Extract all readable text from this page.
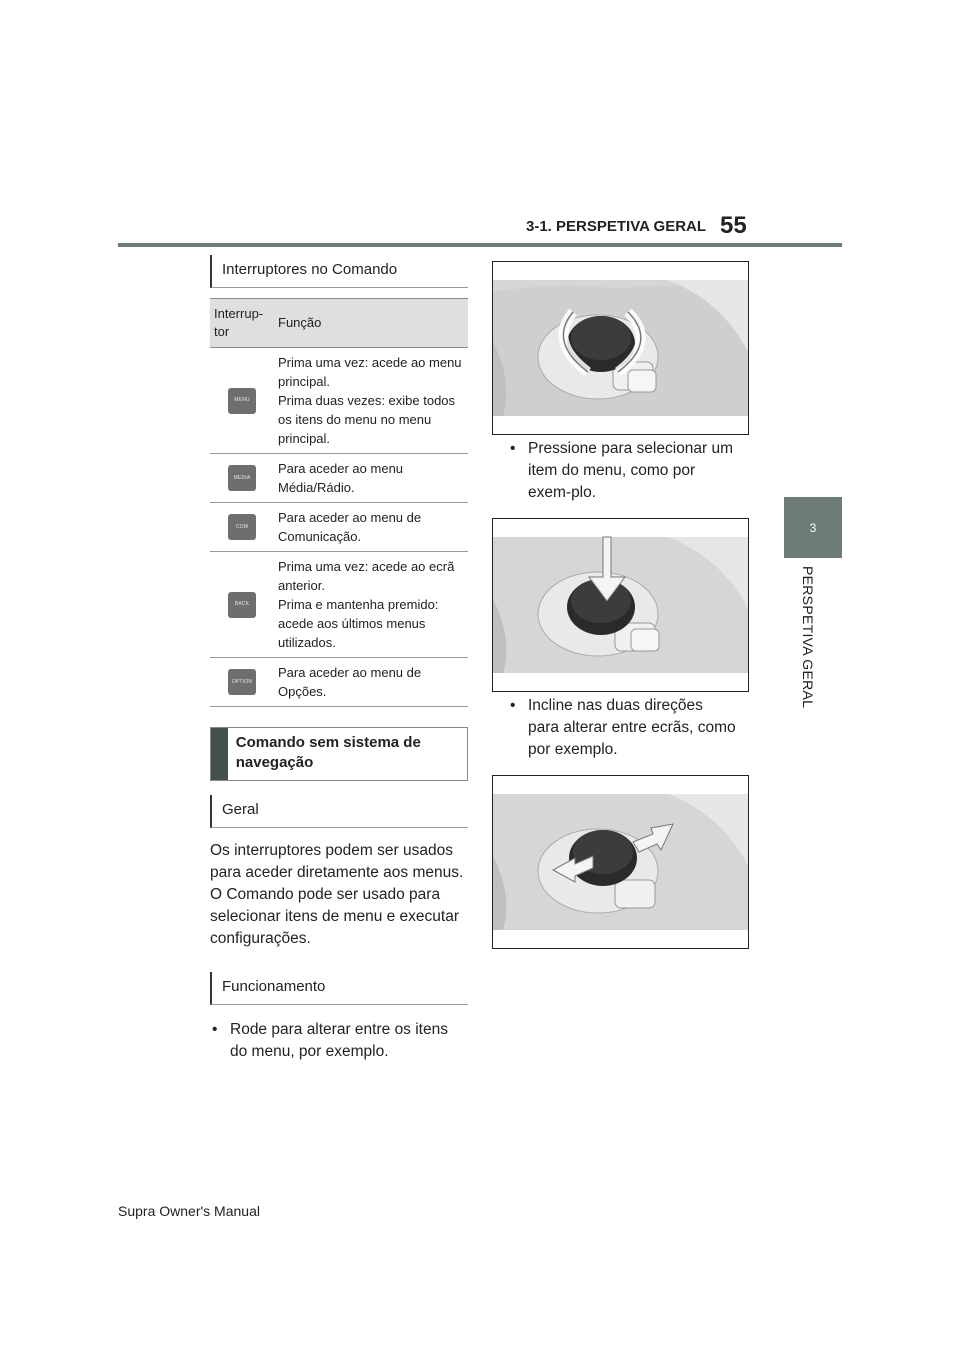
3-1. PERSPETIVA GERAL 55
3
PERSPETIVA GERAL
Interruptores no Comando
Interrup-
tor	Função

MENU	Prima uma vez: acede ao menu principal.
Prima duas vezes: exibe todos os itens do menu no menu principal.

MEDIA	Para aceder ao menu Média/Rádio.

COM	Para aceder ao menu de Comunicação.

BACK	Prima uma vez: acede ao ecrã anterior.
Prima e mantenha premido: acede aos últimos menus utilizados.

OPTION	Para aceder ao menu de Opções.
Comando sem sistema de navegação
Geral

Os interruptores podem ser usados para aceder diretamente aos menus. O Comando pode ser usado para selecionar itens de menu e executar configurações.

Funcionamento
• Rode para alterar entre os itens do menu, por exemplo.
• Pressione para selecionar um item do menu, como por exem-plo.
• Incline nas duas direções para alterar entre ecrãs, como por exemplo.
Supra Owner's Manual
